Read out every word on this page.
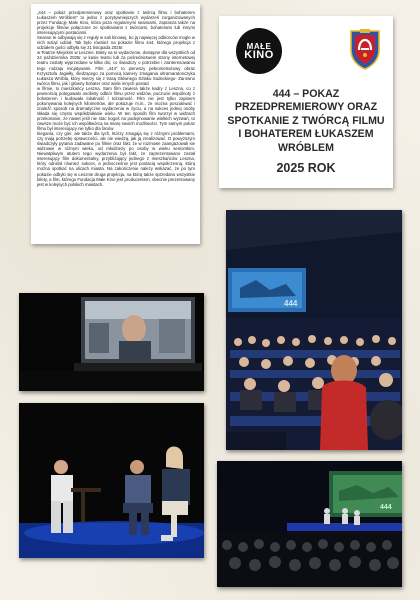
„444 – pokaz przedpremierowy oraz spotkanie z twórcą filmu i bohaterem Łukaszem Wróblem” to jedno z pozytywniejszych wydarzeń zorganizowanych przez Fundację Małe Kino, która poza regularnymi seansami, zaprasza także na projekcje filmów połączone ze spotkaniami z twórcami, bohaterami lub innymi interesującymi postaciami.

Seanse te odbywają się z reguły w sali kinowej, bo ją najwięcej odbiorców mogło w nich wziąć udział. Tak było również na pokazie filmu 444, którego projekcja z udziałem gości odbyła się 21 listopada 2025r.

w Teatrze Miejskim w Lesznie. Bilety na to wydarzenie, dostępne dla wszystkich od 24 października 2025r. w kasie teatru lub za pośrednictwem strony internetowej teatru zostały wyprzedane w kilka dni, co świadczy o potrzebie i zainteresowaniu tego rodzaju inicjatywami. Film „444” to pierwszy pełnometrażowy obraz Krzysztofa Jagiełły, śledzącego za pomocą kamery zmagania ultramaratonczyka Łukasza Wróbla, który mierzy się z trasą Głównego Szlaku Sudeckiego- Zarowno twórca filmu, jak i główny bohater oraz wiele innych postaci

w filmie, to mieszkańcy Leszna. Sam film zawiera także kadry z Leszna, co z pewnością potegowało osobisty odbiór filmu przez widzów, poczucie wspólnoty z bohaterem i budowało lokalność i tożsamość. Film nie jest tylko zapisem pokonywania kolejnych kilometrów, ale pokazuje m.in., że można poszukiwać i znaleźć sposob na dramatyczne wydarzenia w życiu, a na sukces jednej osoby składa się często współdziałanie wielu. W ten sposób film tworzył w widzach przekonanie, że nawet jeśli nie stac kogoś na podejmowanie wielkich wyzwań, to zawsze może być ich współtwórcą na miarę swoich możliwości. Tym samym pokaz filmu był interesujący nie tylko dla fanów

biegania, czy gier, ale także dla tych, którzy zmagają się z różnymi problemami, czy mają potrzebę sprawczości, ale nie wiedzą, jak ją zrealizować. O powyższym świadczyły pytania zadawane po filmie oraz fakt, że w rozmowe zaangazowali sie widzowie w różnym wieku, od młodzieży po osoby w wieku seniorskim. Niewatpliwym atutem tego wydarzenia był fakt, że zaprezentowano został interesujący film dokumentalny, przybliżający jednego z mieszkańców Leszna, który odniósł również sukces, a jednocześnie jest postacią współczesną, którą można spotkać na ulicach miasta. Na zakończenie należy wskazać, że po tym pokazie odbyło się w Lesznie druga projekcja, na którą także sprzedano wszystkie bilety, a film, którego Fundacja Małe Kino jest producentem, obecnie prezentowany jest w kolejnych polskich miastach.

MAŁE
KINO
444 – POKAZ PRZEDPREMIEROWY ORAZ SPOTKANIE Z TWÓRCĄ FILMU I BOHATEREM ŁUKASZEM WRÓBLEM
2025 ROK
444
444
